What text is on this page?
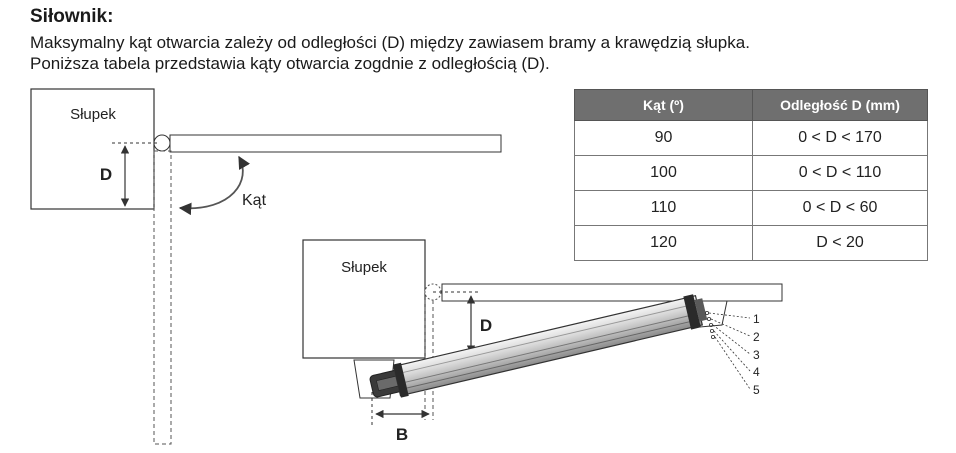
Siłownik:
Maksymalny kąt otwarcia zależy od odległości (D) między zawiasem bramy a krawędzią słupka.
Poniższa tabela przedstawia kąty otwarcia zogdnie z odległością (D).
Słupek
D
Kąt
Słupek
D
B
1
2
3
4
5
Kąt (º)	Odległość D (mm)
90	0 < D < 170
100	0 < D < 110
110	0 < D < 60
120	D < 20
